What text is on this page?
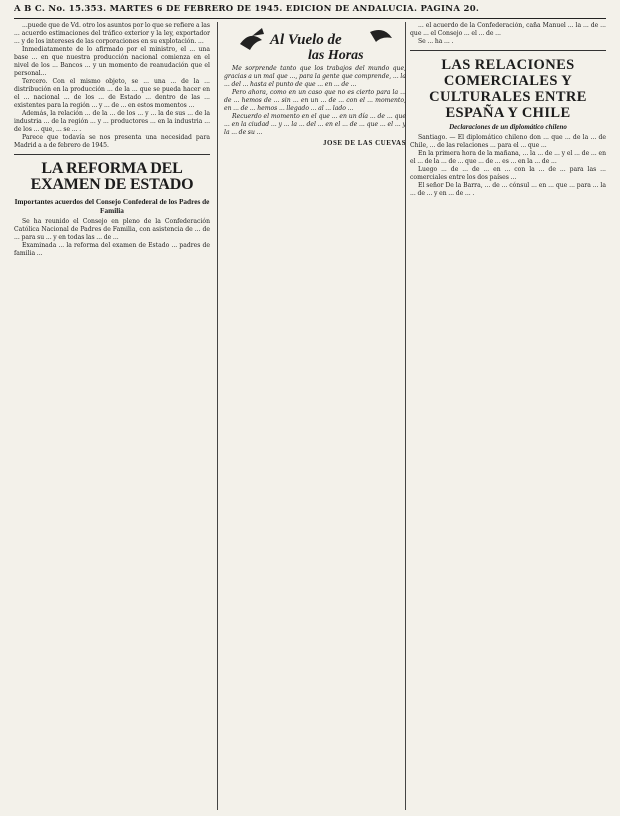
A B C. No. 15.353. MARTES 6 DE FEBRERO DE 1945. EDICION DE ANDALUCIA. PAGINA 20.

...puede que de Vd. otro los asuntos por lo que se refiere a las ... acuerdo estimaciones del tráfico exterior y la ley, exportador ... y de los intereses de las corporaciones en su explotación. ...

Inmediatamente de lo afirmado por el ministro, el ... una base ... en que nuestra producción nacional comienza en el nivel de los ... Bancos ... y un momento de reanudación que el personal...

Tercero. Con el mismo objeto, se ... una ... de la ... distribución en la producción ... de la ... que se pueda hacer en el ... nacional ... de los ... de Estado ... dentro de las ... existentes para la región ... y ... de ... en estos momentos ...

Además, la relación ... de la ... de los ... y ... la de sus ... de la industria ... de la región ... y ... productores ... en la industria ... de los ... que, ... se ... .

Parece que todavía se nos presenta una necesidad para Madrid a a de febrero de 1945.

LA REFORMA DEL EXAMEN DE ESTADO
Importantes acuerdos del Consejo Confederal de los Padres de Familia

Se ha reunido el Consejo en pleno de la Confederación Católica Nacional de Padres de Familia, con asistencia de ... de ... para su ... y en todas las ... de ...

Examinada ... la reforma del examen de Estado ... padres de familia ...

Al Vuelo de
las Horas

Me sorprende tanto que los trabajos del mundo que, gracias a un mal que ..., para la gente que comprende, ... la ... del ... hasta el punto de que ... en ... de ...

Pero ahora, como en un caso que no es cierto para la ... de ... hemos de ... sin ... en un ... de ... con el ... momento, en ... de ... hemos ... llegado ... al ... lado ...

Recuerdo el momento en el que ... en un día ... de ... que ... en la ciudad ... y ... la ... del ... en el ... de ... que ... el ... y la ... de su ...

JOSE DE LAS CUEVAS

... el acuerdo de la Confederación, caña Manuel ... la ... de ... que ... el Consejo ... el ... de ...

Se ... ha ... .

LAS RELACIONES COMERCIALES Y CULTURALES ENTRE ESPAÑA Y CHILE
Declaraciones de un diplomático chileno

Santiago. — El diplomático chileno don ... que ... de la ... de Chile, ... de las relaciones ... para el ... que ...

En la primera hora de la mañana, ... la ... de ... y el ... de ... en el ... de la ... de ... que ... de ... es ... en la ... de ...

Luego ... de ... de ... en ... con la ... de ... para las ... comerciales entre los dos países ...

El señor De la Barra, ... de ... cónsul ... en ... que ... para ... la ... de ... y en ... de ... .
